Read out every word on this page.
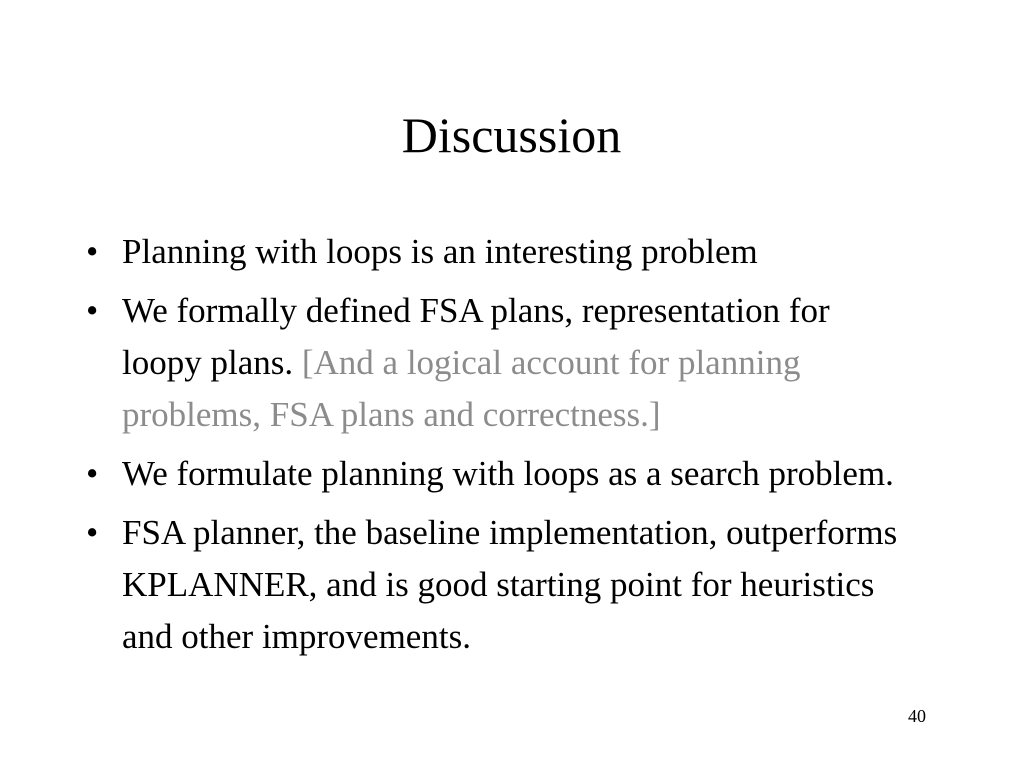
Discussion
• Planning with loops is an interesting problem
• We formally defined FSA plans, representation for loopy plans. [And a logical account for planning problems, FSA plans and correctness.]
• We formulate planning with loops as a search problem.
• FSA planner, the baseline implementation, outperforms KPLANNER, and is good starting point for heuristics and other improvements.
40
